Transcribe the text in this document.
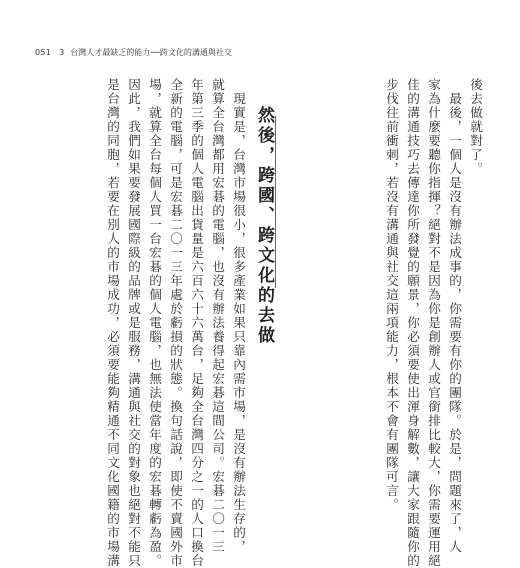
051 3 台灣人才最缺乏的能力──跨文化的溝通與社交
後去做就對了。
　最後，一個人是沒有辦法成事的，你需要有你的團隊。於是，問題來了，人
家為什麼要聽你指揮？絕對不是因為你是創辦人或官銜排比較大，你需要運用絕
佳的溝通技巧去傳達你所發覺的願景，你必須要使出渾身解數，讓大家跟隨你的
步伐往前衝刺，若沒有溝通與社交這兩項能力，根本不會有團隊可言。
然後，跨國、跨文化的去做
　現實是，台灣市場很小，很多產業如果只靠內需市場，是沒有辦法生存的，
就算全台灣都用宏碁的電腦，也沒有辦法養得起宏碁這間公司。宏碁二〇一三
年第三季的個人電腦出貨量是六百六十六萬台，足夠全台灣四分之一的人口換台
全新的電腦，可是宏碁二〇一三年處於虧損的狀態。換句話說，即使不賣國外市
場，就算全台每個人買一台宏碁的個人電腦，也無法使當年度的宏碁轉虧為盈。
因此，我們如果要發展國際級的品牌或是服務，溝通與社交的對象也絕對不能只
是台灣的同胞，若要在別人的市場成功，必須要能夠精通不同文化國籍的市場溝
